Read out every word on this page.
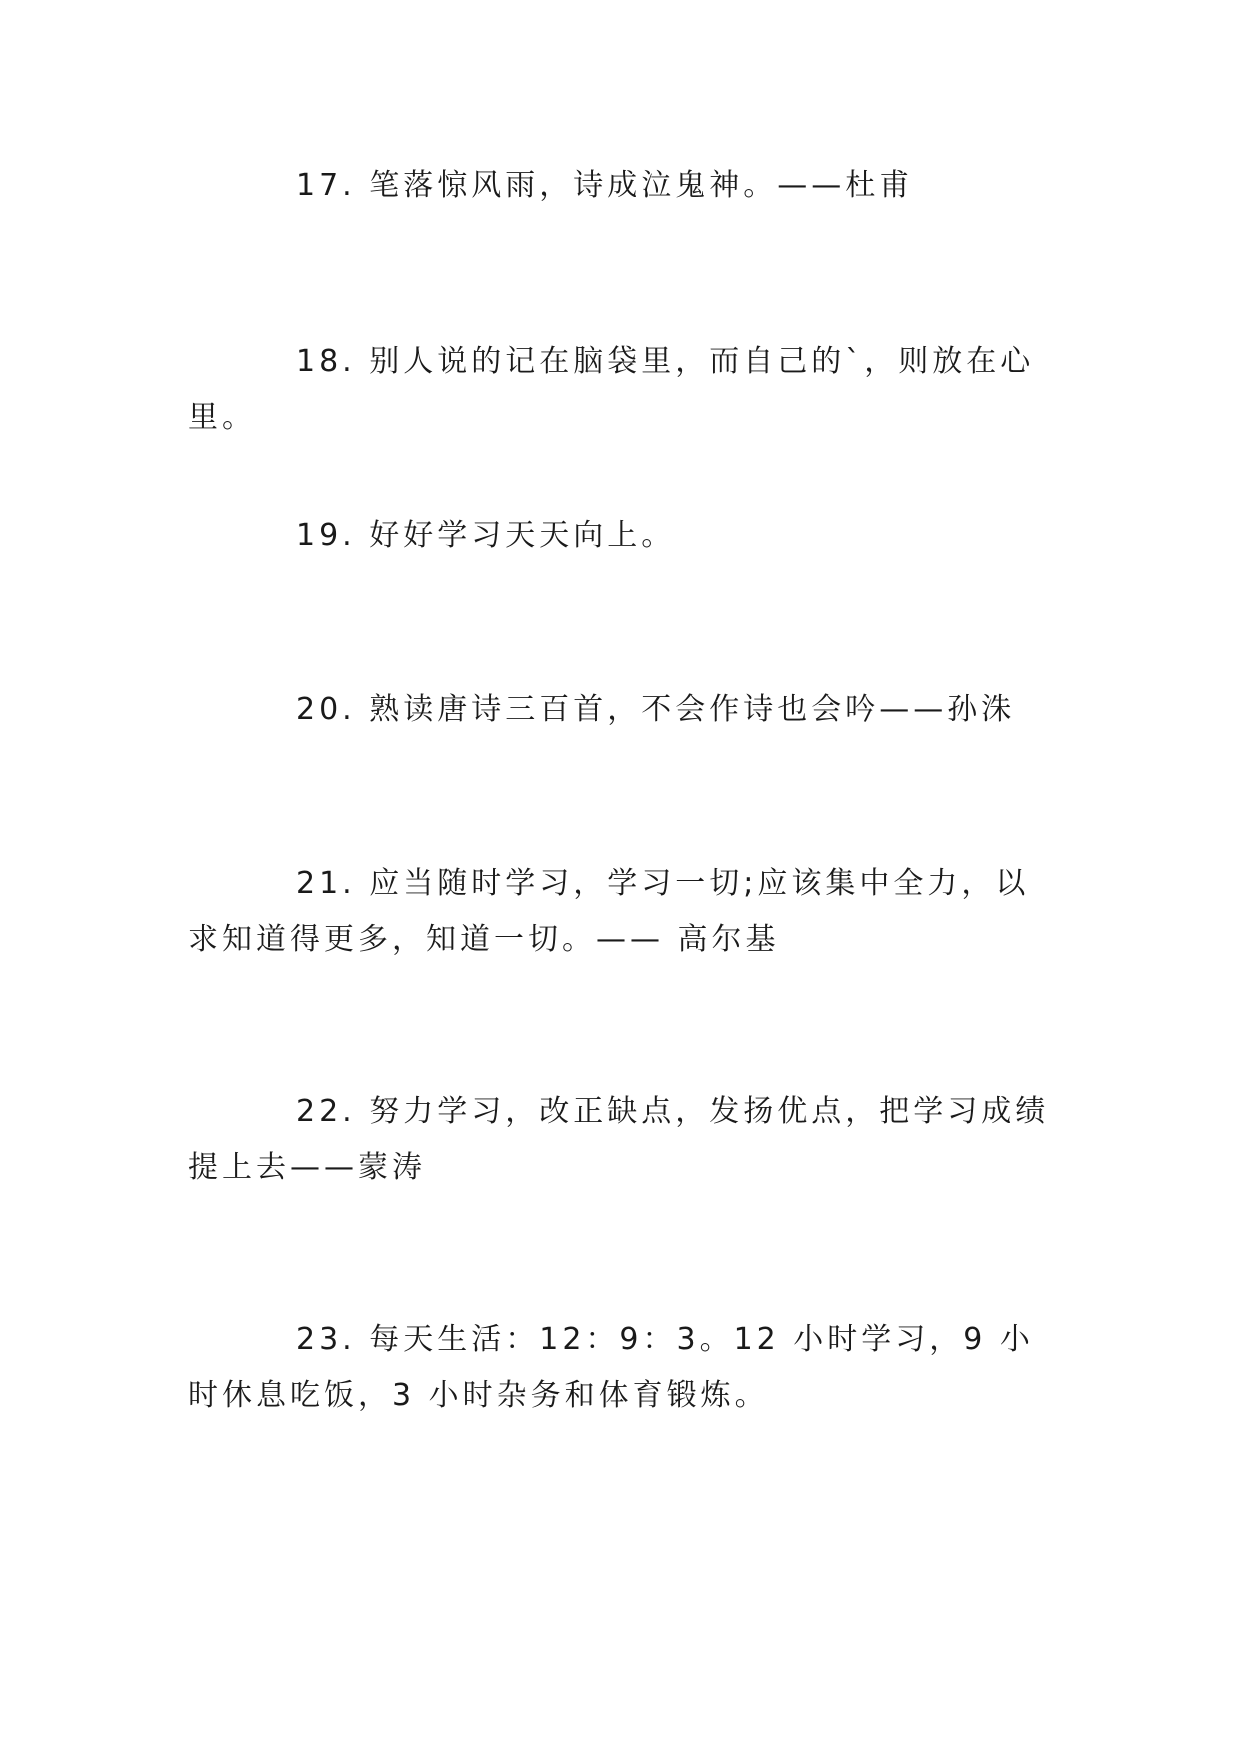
17. 笔落惊风雨，诗成泣鬼神。——杜甫

18. 别人说的记在脑袋里，而自己的`，则放在心里。

19. 好好学习天天向上。

20. 熟读唐诗三百首，不会作诗也会吟——孙洙

21. 应当随时学习，学习一切;应该集中全力，以求知道得更多，知道一切。—— 高尔基

22. 努力学习，改正缺点，发扬优点，把学习成绩提上去——蒙涛

23. 每天生活：12：9：3。12 小时学习，9 小时休息吃饭，3 小时杂务和体育锻炼。
